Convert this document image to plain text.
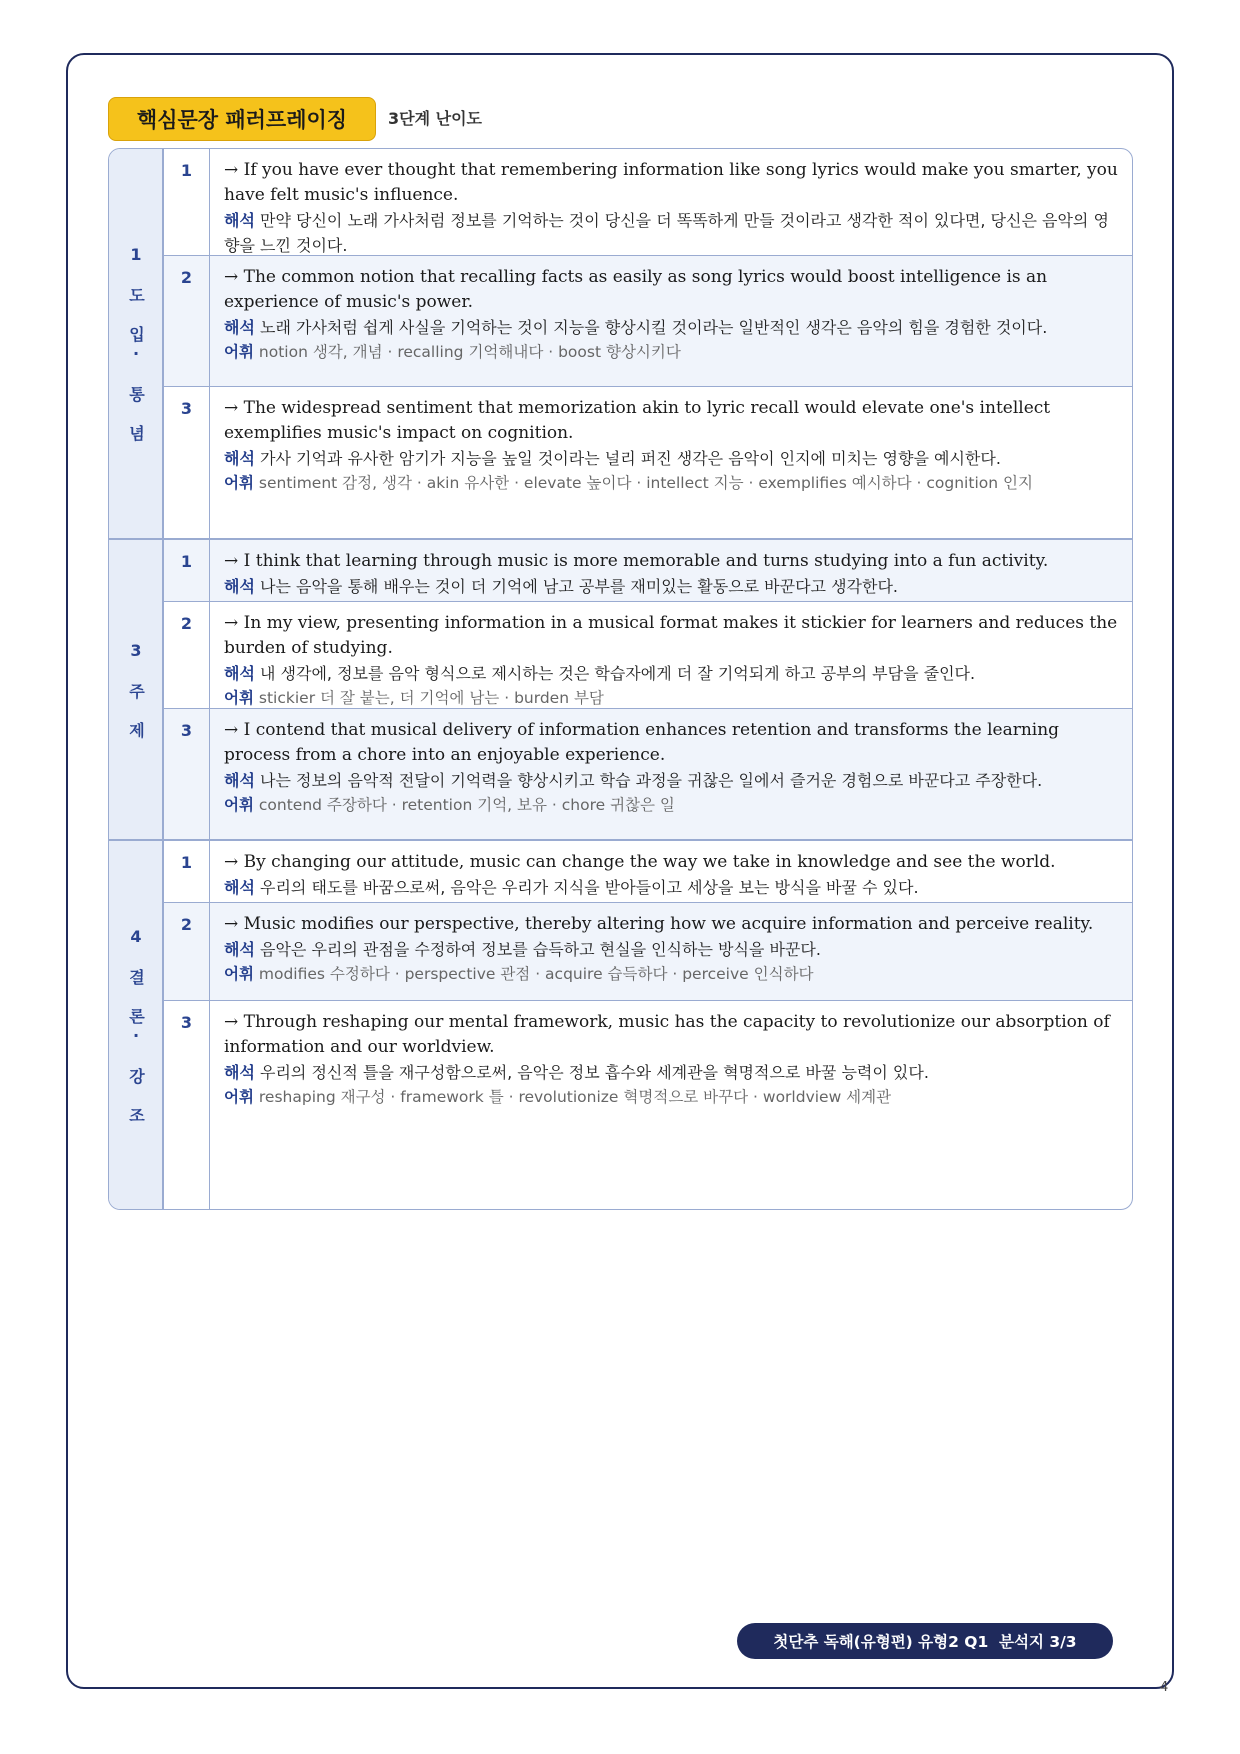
핵심문장 패러프레이징	3단계 난이도
1 도 입· 통 념
1	→ If you have ever thought that remembering information like song lyrics would make you smarter, you have felt music's influence.
해석 만약 당신이 노래 가사처럼 정보를 기억하는 것이 당신을 더 똑똑하게 만들 것이라고 생각한 적이 있다면, 당신은 음악의 영향을 느낀 것이다.
2	→ The common notion that recalling facts as easily as song lyrics would boost intelligence is an experience of music's power.
해석 노래 가사처럼 쉽게 사실을 기억하는 것이 지능을 향상시킬 것이라는 일반적인 생각은 음악의 힘을 경험한 것이다.
어휘 notion 생각, 개념 · recalling 기억해내다 · boost 향상시키다
3	→ The widespread sentiment that memorization akin to lyric recall would elevate one's intellect exemplifies music's impact on cognition.
해석 가사 기억과 유사한 암기가 지능을 높일 것이라는 널리 퍼진 생각은 음악이 인지에 미치는 영향을 예시한다.
어휘 sentiment 감정, 생각 · akin 유사한 · elevate 높이다 · intellect 지능 · exemplifies 예시하다 · cognition 인지
3 주 제
1	→ I think that learning through music is more memorable and turns studying into a fun activity.
해석 나는 음악을 통해 배우는 것이 더 기억에 남고 공부를 재미있는 활동으로 바꾼다고 생각한다.
2	→ In my view, presenting information in a musical format makes it stickier for learners and reduces the burden of studying.
해석 내 생각에, 정보를 음악 형식으로 제시하는 것은 학습자에게 더 잘 기억되게 하고 공부의 부담을 줄인다.
어휘 stickier 더 잘 붙는, 더 기억에 남는 · burden 부담
3	→ I contend that musical delivery of information enhances retention and transforms the learning process from a chore into an enjoyable experience.
해석 나는 정보의 음악적 전달이 기억력을 향상시키고 학습 과정을 귀찮은 일에서 즐거운 경험으로 바꾼다고 주장한다.
어휘 contend 주장하다 · retention 기억, 보유 · chore 귀찮은 일
4 결 론· 강 조
1	→ By changing our attitude, music can change the way we take in knowledge and see the world.
해석 우리의 태도를 바꿈으로써, 음악은 우리가 지식을 받아들이고 세상을 보는 방식을 바꿀 수 있다.
2	→ Music modifies our perspective, thereby altering how we acquire information and perceive reality.
해석 음악은 우리의 관점을 수정하여 정보를 습득하고 현실을 인식하는 방식을 바꾼다.
어휘 modifies 수정하다 · perspective 관점 · acquire 습득하다 · perceive 인식하다
3	→ Through reshaping our mental framework, music has the capacity to revolutionize our absorption of information and our worldview.
해석 우리의 정신적 틀을 재구성함으로써, 음악은 정보 흡수와 세계관을 혁명적으로 바꿀 능력이 있다.
어휘 reshaping 재구성 · framework 틀 · revolutionize 혁명적으로 바꾸다 · worldview 세계관
첫단추 독해(유형편) 유형2 Q1  분석지 3/3
4
